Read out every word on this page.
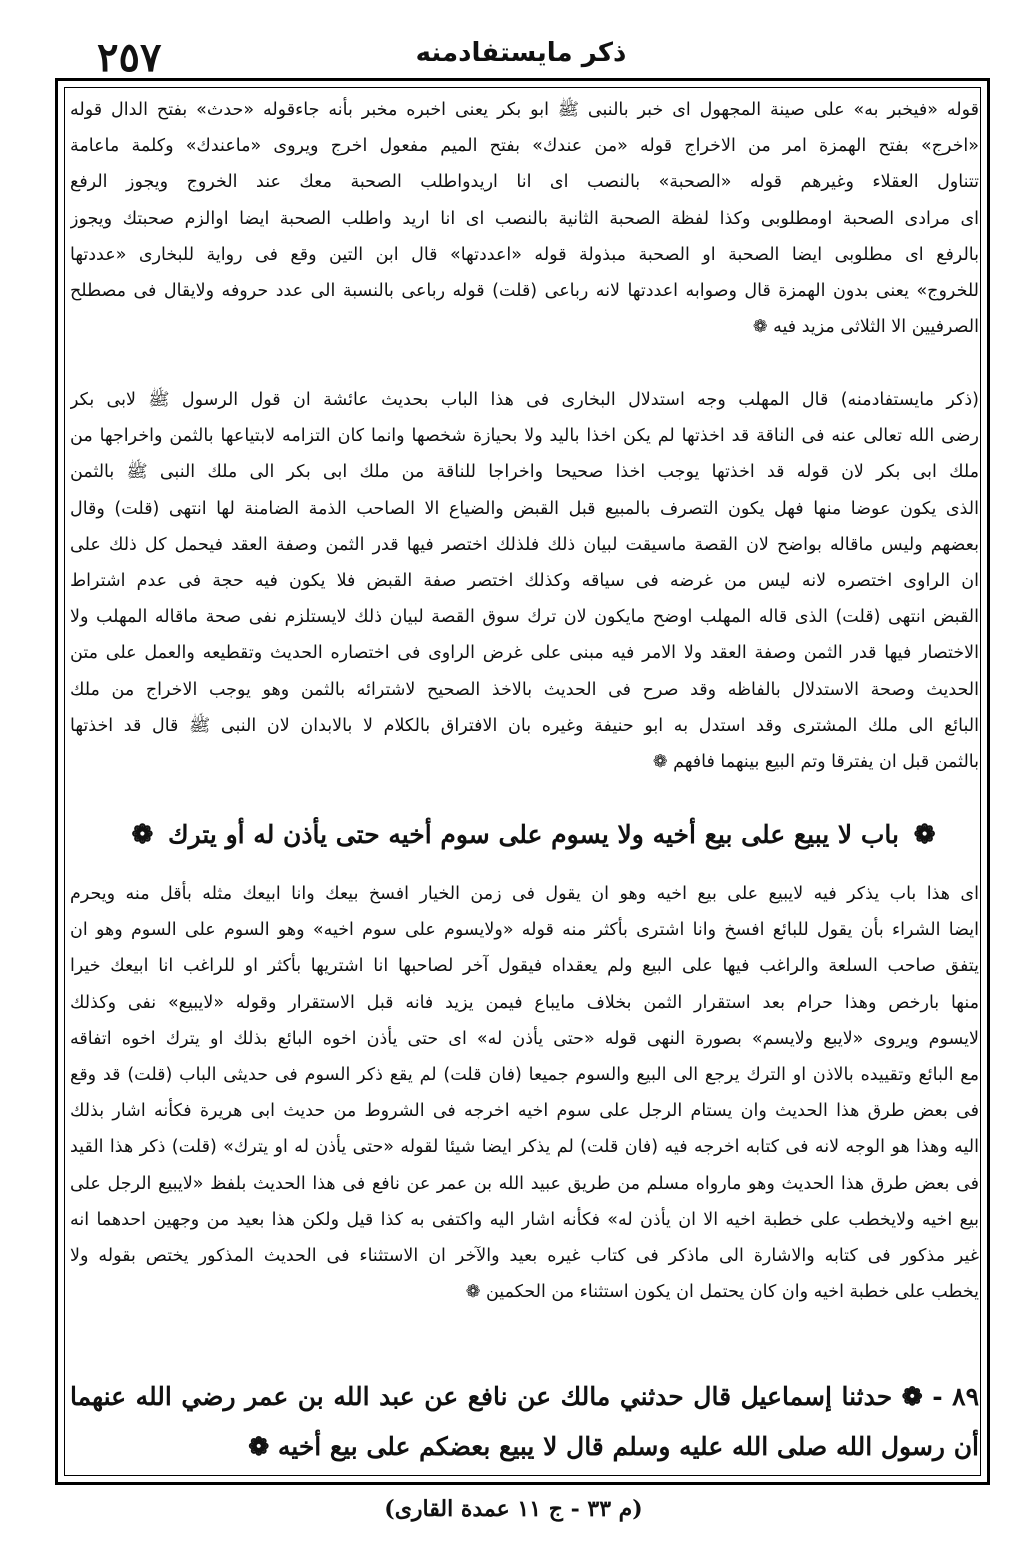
٢٥٧	ذكر مايستفادمنه
قوله «فيخبر به» على صينة المجهول اى خبر بالنبى ﷺ ابو بكر يعنى اخبره مخبر بأنه جاءقوله «حدث» بفتح الدال قوله
«اخرج» بفتح الهمزة امر من الاخراج قوله «من عندك» بفتح الميم مفعول اخرج ويروى «ماعندك» وكلمة ماعامة
تتناول العقلاء وغيرهم قوله «الصحبة» بالنصب اى انا اريدواطلب الصحبة معك عند الخروج ويجوز الرفع
اى مرادى الصحبة اومطلوبى وكذا لفظة الصحبة الثانية بالنصب اى انا اريد واطلب الصحبة ايضا اوالزم صحبتك ويجوز
بالرفع اى مطلوبى ايضا الصحبة او الصحبة مبذولة قوله «اعددتها» قال ابن التين وقع فى رواية للبخارى «عددتها
للخروج» يعنى بدون الهمزة قال وصوابه اعددتها لانه رباعى (قلت) قوله رباعى بالنسبة الى عدد حروفه ولايقال فى مصطلح
الصرفيين الا الثلاثى مزيد فيه ❁
(ذكر مايستفادمنه) قال المهلب وجه استدلال البخارى فى هذا الباب بحديث عائشة ان قول الرسول ﷺ لابى بكر
رضى الله تعالى عنه فى الناقة قد اخذتها لم يكن اخذا باليد ولا بحيازة شخصها وانما كان التزامه لابتياعها بالثمن واخراجها من
ملك ابى بكر لان قوله قد اخذتها يوجب اخذا صحيحا واخراجا للناقة من ملك ابى بكر الى ملك النبى ﷺ بالثمن
الذى يكون عوضا منها فهل يكون التصرف بالمبيع قبل القبض والضياع الا الصاحب الذمة الضامنة لها انتهى (قلت) وقال
بعضهم وليس ماقاله بواضح لان القصة ماسيقت لبيان ذلك فلذلك اختصر فيها قدر الثمن وصفة العقد فيحمل كل ذلك على
ان الراوى اختصره لانه ليس من غرضه فى سياقه وكذلك اختصر صفة القبض فلا يكون فيه حجة فى عدم اشتراط
القبض انتهى (قلت) الذى قاله المهلب اوضح مايكون لان ترك سوق القصة لبيان ذلك لايستلزم نفى صحة ماقاله المهلب ولا
الاختصار فيها قدر الثمن وصفة العقد ولا الامر فيه مبنى على غرض الراوى فى اختصاره الحديث وتقطيعه والعمل على متن
الحديث وصحة الاستدلال بالفاظه وقد صرح فى الحديث بالاخذ الصحيح لاشترائه بالثمن وهو يوجب الاخراج من ملك
البائع الى ملك المشترى وقد استدل به ابو حنيفة وغيره بان الافتراق بالكلام لا بالابدان لان النبى ﷺ قال قد اخذتها
بالثمن قبل ان يفترقا وتم البيع بينهما فافهم ❁
❁ باب لا يبيع على بيع أخيه ولا يسوم على سوم أخيه حتى يأذن له أو يترك ❁
اى هذا باب يذكر فيه لايبيع على بيع اخيه وهو ان يقول فى زمن الخيار افسخ بيعك وانا ابيعك مثله بأقل منه ويحرم
ايضا الشراء بأن يقول للبائع افسخ وانا اشترى بأكثر منه قوله «ولايسوم على سوم اخيه» وهو السوم على السوم وهو ان
يتفق صاحب السلعة والراغب فيها على البيع ولم يعقداه فيقول آخر لصاحبها انا اشتريها بأكثر او للراغب انا ابيعك خيرا
منها بارخص وهذا حرام بعد استقرار الثمن بخلاف مايباع فيمن يزيد فانه قبل الاستقرار وقوله «لايبيع» نفى وكذلك
لايسوم ويروى «لايبع ولايسم» بصورة النهى قوله «حتى يأذن له» اى حتى يأذن اخوه البائع بذلك او يترك اخوه اتفاقه
مع البائع وتقييده بالاذن او الترك يرجع الى البيع والسوم جميعا (فان قلت) لم يقع ذكر السوم فى حديثى الباب (قلت) قد وقع
فى بعض طرق هذا الحديث وان يستام الرجل على سوم اخيه اخرجه فى الشروط من حديث ابى هريرة فكأنه اشار بذلك
اليه وهذا هو الوجه لانه فى كتابه اخرجه فيه (فان قلت) لم يذكر ايضا شيئا لقوله «حتى يأذن له او يترك» (قلت) ذكر هذا القيد
فى بعض طرق هذا الحديث وهو مارواه مسلم من طريق عبيد الله بن عمر عن نافع فى هذا الحديث بلفظ «لايبيع الرجل على
بيع اخيه ولايخطب على خطبة اخيه الا ان يأذن له» فكأنه اشار اليه واكتفى به كذا قيل ولكن هذا بعيد من وجهين احدهما انه
غير مذكور فى كتابه والاشارة الى ماذكر فى كتاب غيره بعيد والآخر ان الاستثناء فى الحديث المذكور يختص بقوله ولا
يخطب على خطبة اخيه وان كان يحتمل ان يكون استثناء من الحكمين ❁
٨٩ - ❁ حدثنا إسماعيل قال حدثني مالك عن نافع عن عبد الله بن عمر رضي الله عنهما
أن رسول الله صلى الله عليه وسلم قال لا يبيع بعضكم على بيع أخيه ❁
(م ٣٣ - ج ١١ عمدة القارى)
